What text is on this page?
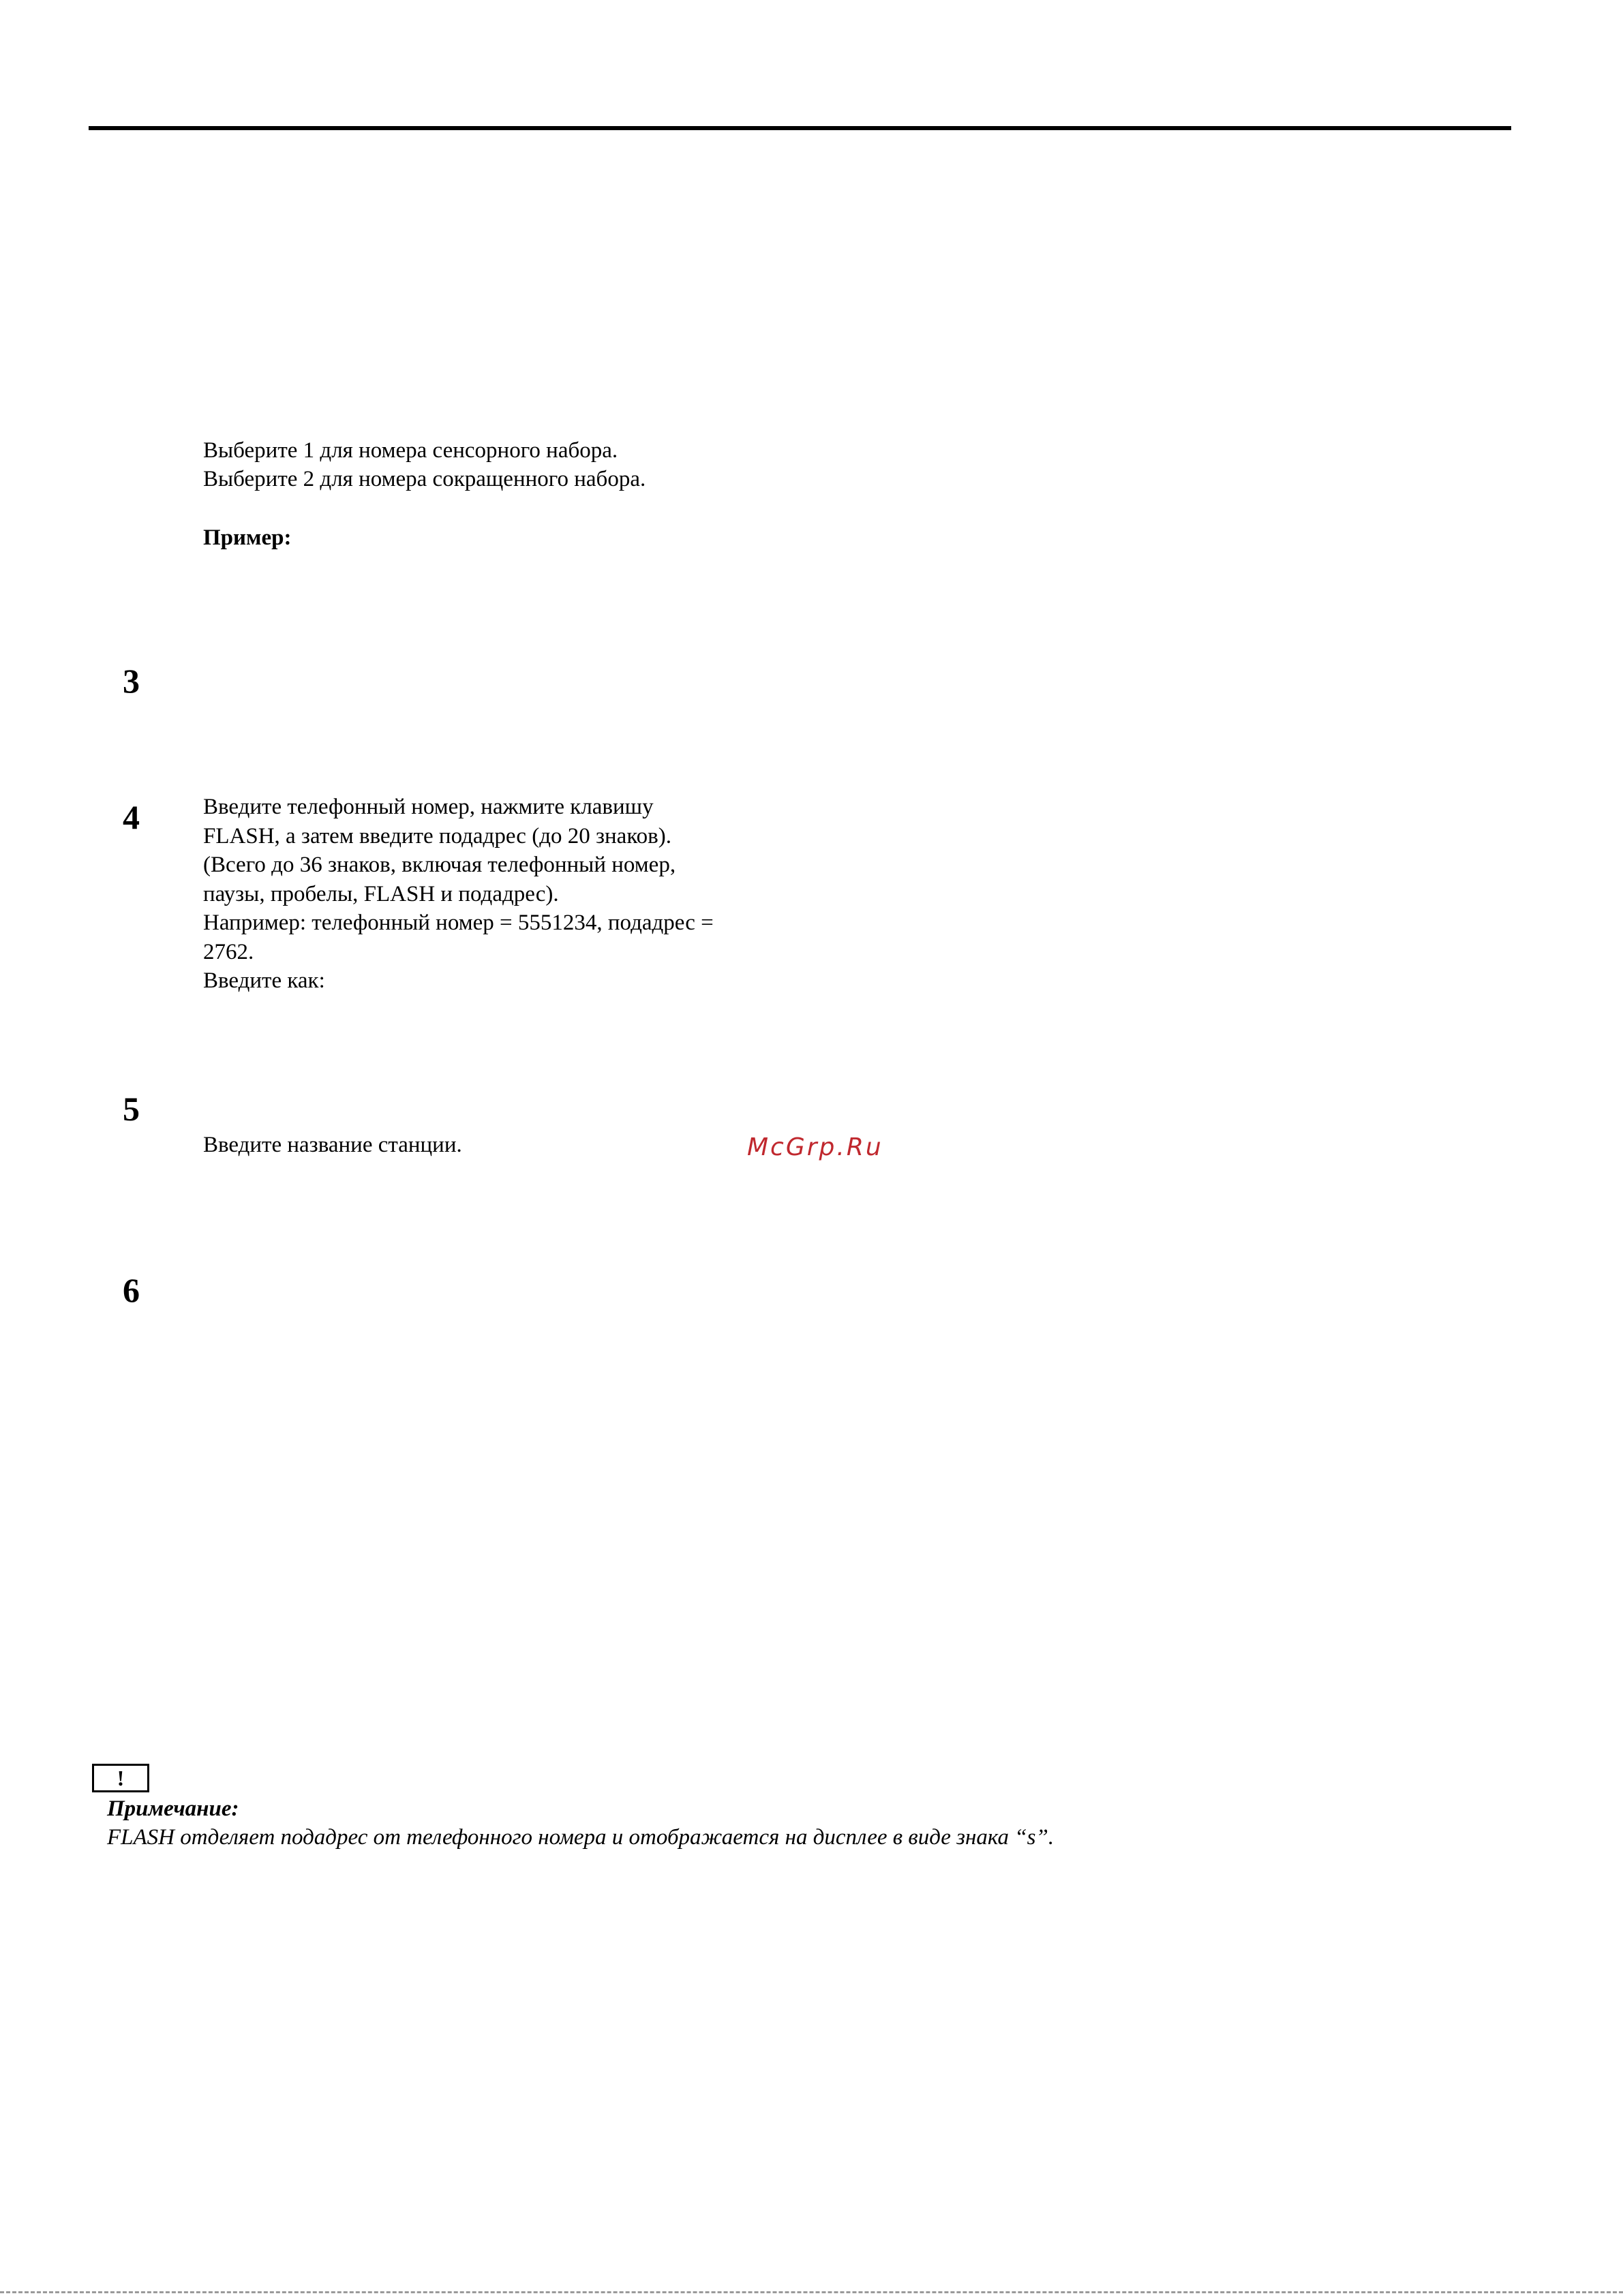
Выберите 1 для номера сенсорного набора.
Выберите 2 для номера сокращенного набора.
Пример:
3
4	Введите телефонный номер, нажмите клавишу
FLASH, а затем введите подадрес (до 20 знаков).
(Всего до 36 знаков, включая телефонный номер,
паузы, пробелы, FLASH и подадрес).
Например: телефонный номер = 5551234, подадрес =
2762.
Введите как:
5
Введите название станции.	McGrp.Ru
6
!
Примечание:
FLASH отделяет подадрес от телефонного номера и отображается на дисплее в виде знака “s”.
